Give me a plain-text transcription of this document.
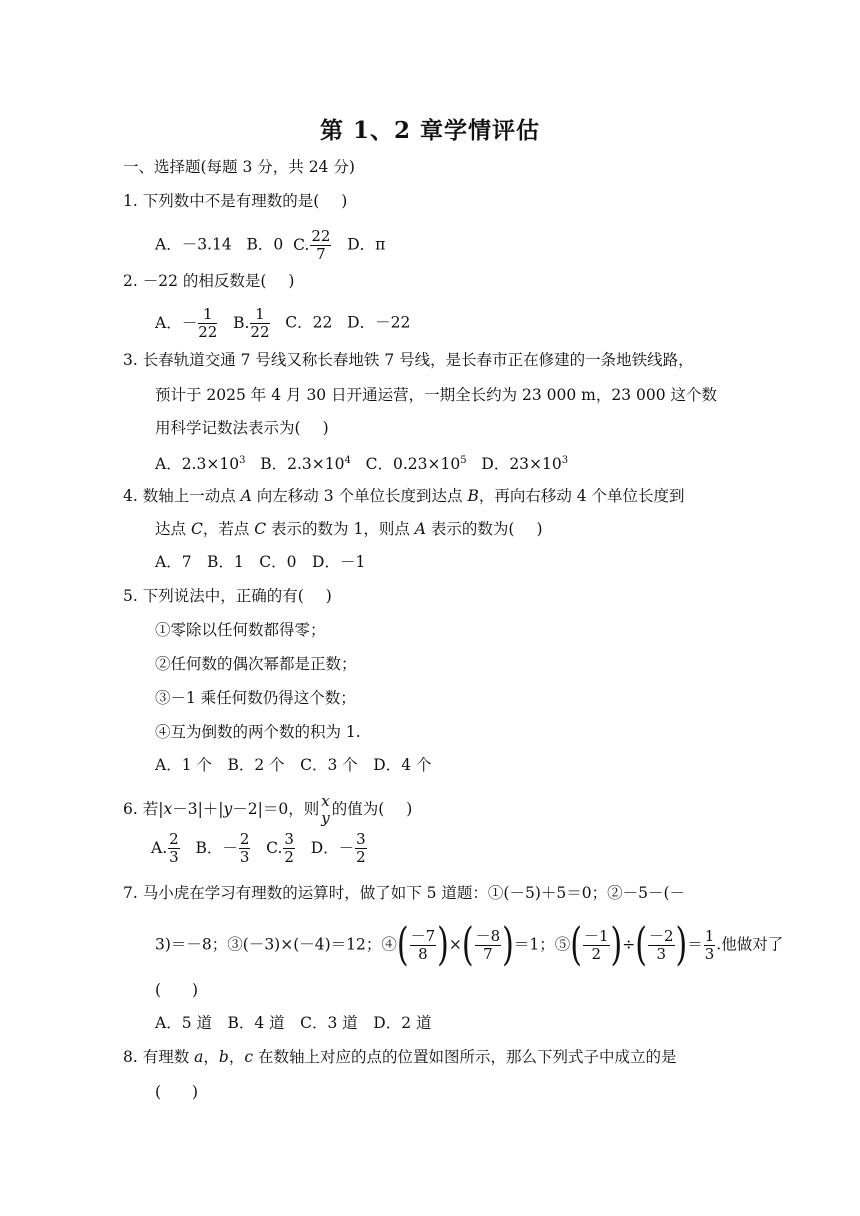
第 1、2 章学情评估
一、选择题(每题 3 分，共 24 分)
1. 下列数中不是有理数的是( )
A．－3.14 B．0 C. $\frac{22}{7}$ D．π
2. －22 的相反数是( )
A．－ $\frac{1}{22} B$. $\frac{1}{22}$ C．22 D．－22
3. 长春轨道交通 7 号线又称长春地铁 7 号线，是长春市正在修建的一条地铁线路，
预计于 2025 年 4 月 30 日开通运营，一期全长约为 23 000 m，23 000 这个数
用科学记数法表示为( )
A．$2.3\times 10^3$ B．$2.3\times 10^4$ C．$0.23\times 10^5$ D．$23\times 10^3$
4. 数轴上一动点 A 向左移动 3 个单位长度到达点 B，再向右移动 4 个单位长度到
达点 C，若点 C 表示的数为 1，则点 A 表示的数为( )
A．7　B．1　C．0　D．－1
5. 下列说法中，正确的有( )
①零除以任何数都得零；
②任何数的偶次幂都是正数；
③－1 乘任何数仍得这个数；
④互为倒数的两个数的积为 1.
A．1 个　B．2 个　C．3 个　D．4 个
6. 若|x－3|＋|y－2|＝0，则 x
y 的值为( )
A. $\frac{2}{3}$ B．－ $\frac{2}{3} C$. $\frac{3}{2}$ D．－ $\frac{3}{2}$
7. 马小虎在学习有理数的运算时，做了如下 5 道题：①(－5)＋5＝0；②－5－(－
3)＝－8；③(－3)×(－4)＝12；④( $\frac{-7}{8}$ )×( $\frac{-8}{7} )=1$；⑤( $\frac{-1}{2}$ )÷( $\frac{-2}{3}$ )＝ $\frac{1}{3}$ .他做对了
(　　)
A．5 道　B．4 道　C．3 道　D．2 道
8. 有理数 a，b，c 在数轴上对应的点的位置如图所示，那么下列式子中成立的是
(　　)
